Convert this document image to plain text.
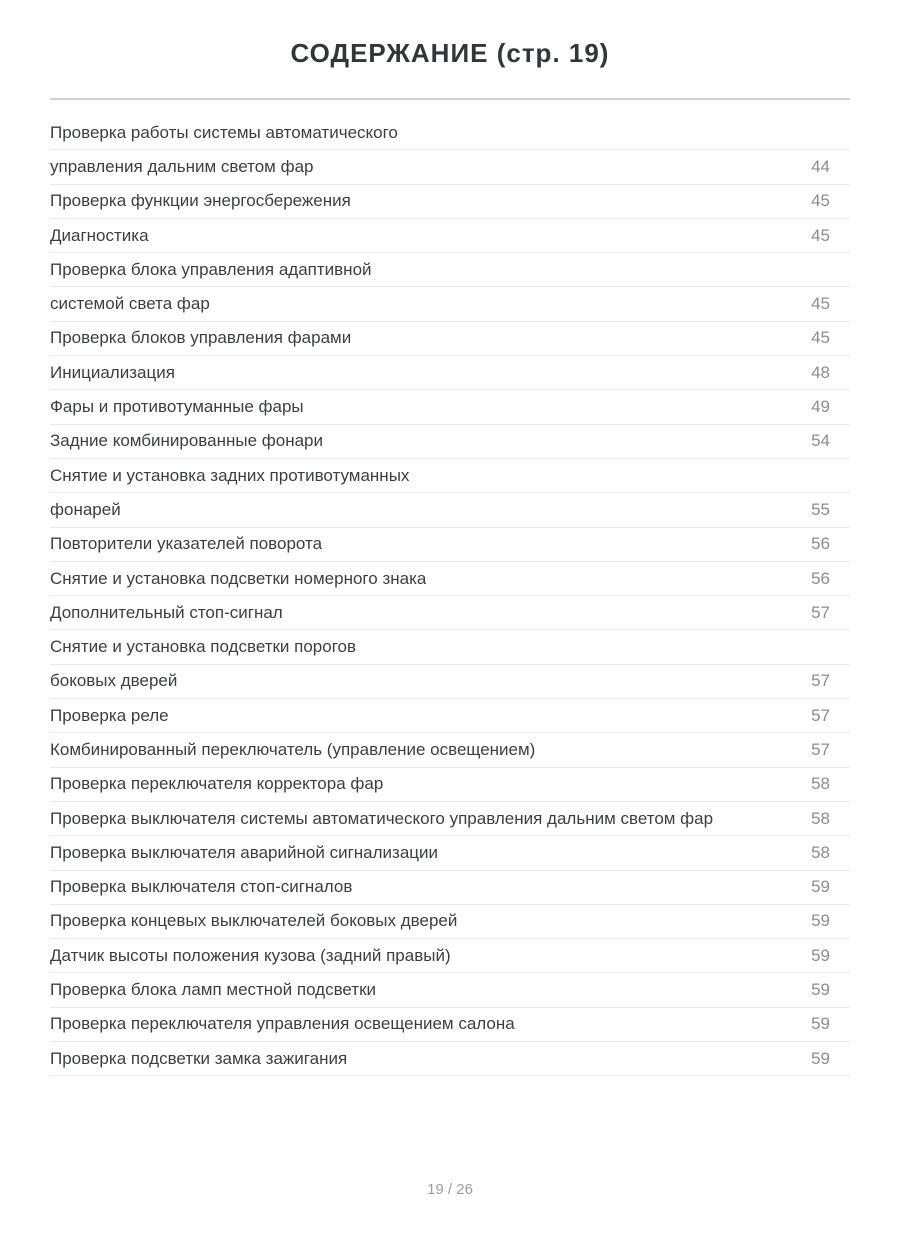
СОДЕРЖАНИЕ (стр. 19)
Проверка работы системы автоматического
управления дальним светом фар	44
Проверка функции энергосбережения	45
Диагностика	45
Проверка блока управления адаптивной
системой света фар	45
Проверка блоков управления фарами	45
Инициализация	48
Фары и противотуманные фары	49
Задние комбинированные фонари	54
Снятие и установка задних противотуманных
фонарей	55
Повторители указателей поворота	56
Снятие и установка подсветки номерного знака	56
Дополнительный стоп-сигнал	57
Снятие и установка подсветки порогов
боковых дверей	57
Проверка реле	57
Комбинированный переключатель (управление освещением)	57
Проверка переключателя корректора фар	58
Проверка выключателя системы автоматического управления дальним светом фар	58
Проверка выключателя аварийной сигнализации	58
Проверка выключателя стоп-сигналов	59
Проверка концевых выключателей боковых дверей	59
Датчик высоты положения кузова (задний правый)	59
Проверка блока ламп местной подсветки	59
Проверка переключателя управления освещением салона	59
Проверка подсветки замка зажигания	59
19 / 26
